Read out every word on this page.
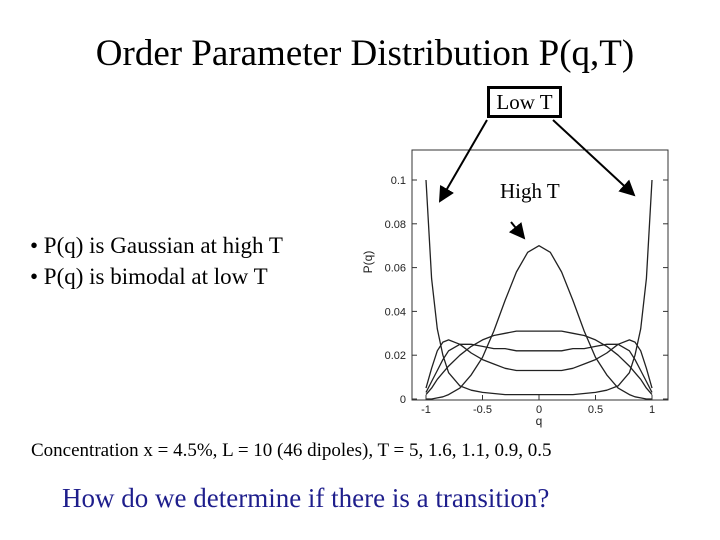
Order Parameter Distribution P(q,T)
• P(q) is Gaussian at high T
• P(q) is bimodal at low T
0
0.02
0.04
0.06
0.08
0.1
-1	-0.5	0	0.5	1
q
P(q)
Low T
High T
Concentration x = 4.5%, L = 10 (46 dipoles), T = 5, 1.6, 1.1, 0.9, 0.5
How do we determine if there is a transition?
